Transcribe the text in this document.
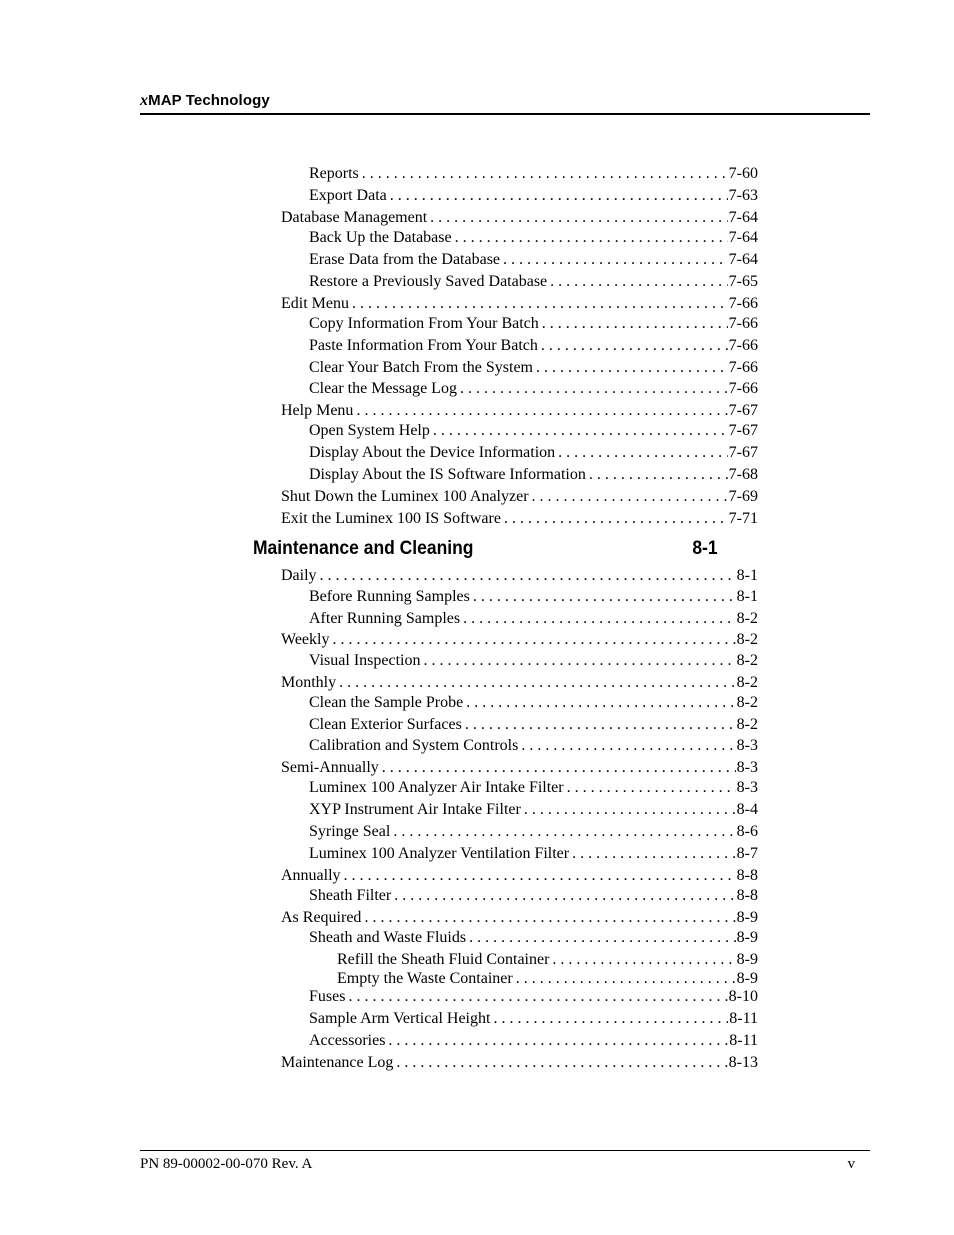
xMAP Technology
Reports . . .	7-60
Export Data . . .	7-63
Database Management . . .	7-64
Back Up the Database . . .	7-64
Erase Data from the Database . . .	7-64
Restore a Previously Saved Database . . .	7-65
Edit Menu . . .	7-66
Copy Information From Your Batch . . .	7-66
Paste Information From Your Batch . . .	7-66
Clear Your Batch From the System . . .	7-66
Clear the Message Log . . .	7-66
Help Menu . . .	7-67
Open System Help . . .	7-67
Display About the Device Information . . .	7-67
Display About the IS Software Information . . .	7-68
Shut Down the Luminex 100 Analyzer . . .	7-69
Exit the Luminex 100 IS Software . . .	7-71
Maintenance and Cleaning	8-1
Daily . . .	8-1
Before Running Samples . . .	8-1
After Running Samples . . .	8-2
Weekly . . .	8-2
Visual Inspection . . .	8-2
Monthly . . .	8-2
Clean the Sample Probe . . .	8-2
Clean Exterior Surfaces . . .	8-2
Calibration and System Controls . . .	8-3
Semi-Annually . . .	8-3
Luminex 100 Analyzer Air Intake Filter . . .	8-3
XYP Instrument Air Intake Filter . . .	8-4
Syringe Seal . . .	8-6
Luminex 100 Analyzer Ventilation Filter . . .	8-7
Annually . . .	8-8
Sheath Filter . . .	8-8
As Required . . .	8-9
Sheath and Waste Fluids . . .	8-9
Refill the Sheath Fluid Container . . .	8-9
Empty the Waste Container . . .	8-9
Fuses . . .	8-10
Sample Arm Vertical Height . . .	8-11
Accessories . . .	8-11
Maintenance Log . . .	8-13
PN 89-00002-00-070 Rev. A	v
